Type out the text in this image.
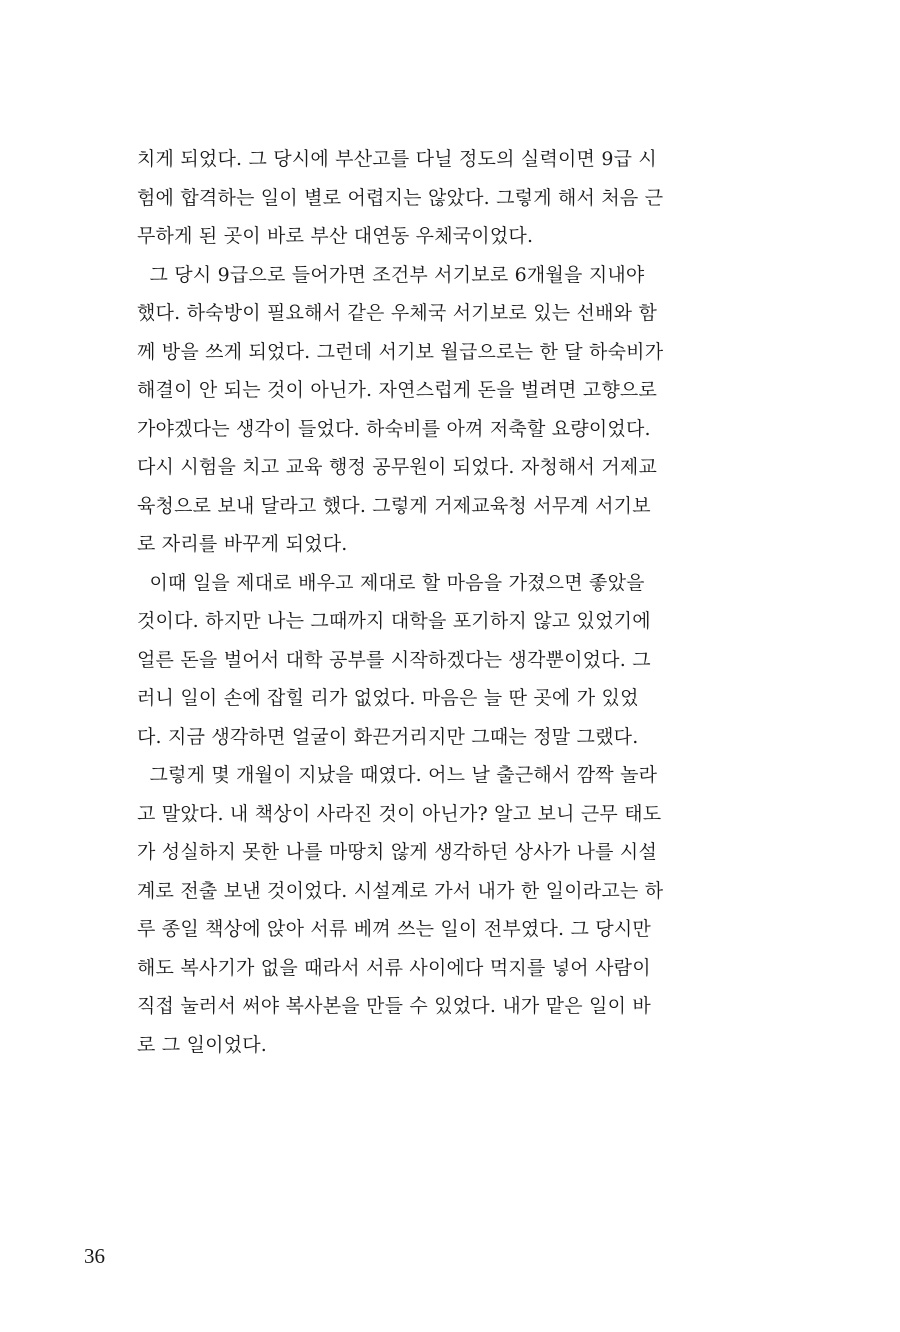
치게 되었다. 그 당시에 부산고를 다닐 정도의 실력이면 9급 시
험에 합격하는 일이 별로 어렵지는 않았다. 그렇게 해서 처음 근
무하게 된 곳이 바로 부산 대연동 우체국이었다.
그 당시 9급으로 들어가면 조건부 서기보로 6개월을 지내야
했다. 하숙방이 필요해서 같은 우체국 서기보로 있는 선배와 함
께 방을 쓰게 되었다. 그런데 서기보 월급으로는 한 달 하숙비가
해결이 안 되는 것이 아닌가. 자연스럽게 돈을 벌려면 고향으로
가야겠다는 생각이 들었다. 하숙비를 아껴 저축할 요량이었다.
다시 시험을 치고 교육 행정 공무원이 되었다. 자청해서 거제교
육청으로 보내 달라고 했다. 그렇게 거제교육청 서무계 서기보
로 자리를 바꾸게 되었다.
이때 일을 제대로 배우고 제대로 할 마음을 가졌으면 좋았을
것이다. 하지만 나는 그때까지 대학을 포기하지 않고 있었기에
얼른 돈을 벌어서 대학 공부를 시작하겠다는 생각뿐이었다. 그
러니 일이 손에 잡힐 리가 없었다. 마음은 늘 딴 곳에 가 있었
다. 지금 생각하면 얼굴이 화끈거리지만 그때는 정말 그랬다.
그렇게 몇 개월이 지났을 때였다. 어느 날 출근해서 깜짝 놀라
고 말았다. 내 책상이 사라진 것이 아닌가? 알고 보니 근무 태도
가 성실하지 못한 나를 마땅치 않게 생각하던 상사가 나를 시설
계로 전출 보낸 것이었다. 시설계로 가서 내가 한 일이라고는 하
루 종일 책상에 앉아 서류 베껴 쓰는 일이 전부였다. 그 당시만
해도 복사기가 없을 때라서 서류 사이에다 먹지를 넣어 사람이
직접 눌러서 써야 복사본을 만들 수 있었다. 내가 맡은 일이 바
로 그 일이었다.
36
